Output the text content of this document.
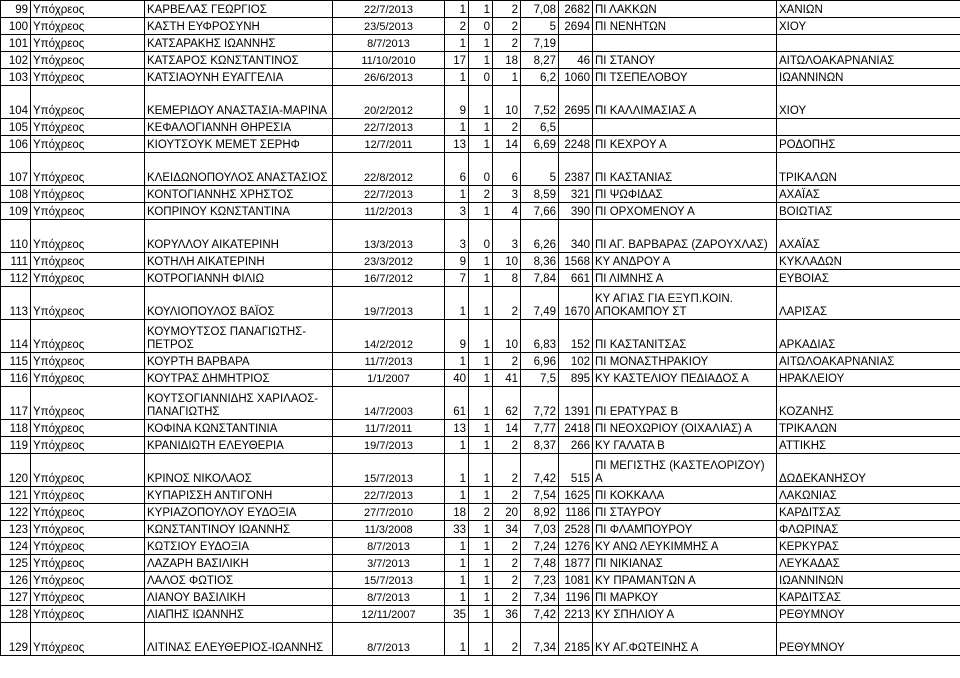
99	Υπόχρεος	ΚΑΡΒΕΛΑΣ ΓΕΩΡΓΙΟΣ	22/7/2013	1	1	2	7,08	2682	ΠΙ ΛΑΚΚΩΝ	ΧΑΝΙΩΝ
100	Υπόχρεος	ΚΑΣΤΗ ΕΥΦΡΟΣΥΝΗ	23/5/2013	2	0	2	5	2694	ΠΙ ΝΕΝΗΤΩΝ	ΧΙΟΥ
101	Υπόχρεος	ΚΑΤΣΑΡΑΚΗΣ ΙΩΑΝΝΗΣ	8/7/2013	1	1	2	7,19			
102	Υπόχρεος	ΚΑΤΣΑΡΟΣ ΚΩΝΣΤΑΝΤΙΝΟΣ	11/10/2010	17	1	18	8,27	46	ΠΙ ΣΤΑΝΟΥ	ΑΙΤΩΛΟΑΚΑΡΝΑΝΙΑΣ
103	Υπόχρεος	ΚΑΤΣΙΑΟΥΝΗ ΕΥΑΓΓΕΛΙΑ	26/6/2013	1	0	1	6,2	1060	ΠΙ ΤΣΕΠΕΛΟΒΟΥ	ΙΩΑΝΝΙΝΩΝ
104	Υπόχρεος	ΚΕΜΕΡΙΔΟΥ ΑΝΑΣΤΑΣΙΑ-ΜΑΡΙΝΑ	20/2/2012	9	1	10	7,52	2695	ΠΙ ΚΑΛΛΙΜΑΣΙΑΣ Α	ΧΙΟΥ
105	Υπόχρεος	ΚΕΦΑΛΟΓΙΑΝΝΗ ΘΗΡΕΣΙΑ	22/7/2013	1	1	2	6,5			
106	Υπόχρεος	ΚΙΟΥΤΣΟΥΚ ΜΕΜΕΤ ΣΕΡΗΦ	12/7/2011	13	1	14	6,69	2248	ΠΙ ΚΕΧΡΟΥ Α	ΡΟΔΟΠΗΣ
107	Υπόχρεος	ΚΛΕΙΔΩΝΟΠΟΥΛΟΣ ΑΝΑΣΤΑΣΙΟΣ	22/8/2012	6	0	6	5	2387	ΠΙ ΚΑΣΤΑΝΙΑΣ	ΤΡΙΚΑΛΩΝ
108	Υπόχρεος	ΚΟΝΤΟΓΙΑΝΝΗΣ ΧΡΗΣΤΟΣ	22/7/2013	1	2	3	8,59	321	ΠΙ ΨΩΦΙΔΑΣ	ΑΧΑΪΑΣ
109	Υπόχρεος	ΚΟΠΡΙΝΟΥ ΚΩΝΣΤΑΝΤΙΝΑ	11/2/2013	3	1	4	7,66	390	ΠΙ ΟΡΧΟΜΕΝΟΥ Α	ΒΟΙΩΤΙΑΣ
110	Υπόχρεος	ΚΟΡΥΛΛΟΥ ΑΙΚΑΤΕΡΙΝΗ	13/3/2013	3	0	3	6,26	340	ΠΙ ΑΓ. ΒΑΡΒΑΡΑΣ (ΖΑΡΟΥΧΛΑΣ)	ΑΧΑΪΑΣ
111	Υπόχρεος	ΚΟΤΗΛΗ ΑΙΚΑΤΕΡΙΝΗ	23/3/2012	9	1	10	8,36	1568	ΚΥ ΑΝΔΡΟΥ Α	ΚΥΚΛΑΔΩΝ
112	Υπόχρεος	ΚΟΤΡΟΓΙΑΝΝΗ ΦΙΛΙΩ	16/7/2012	7	1	8	7,84	661	ΠΙ ΛΙΜΝΗΣ Α	ΕΥΒΟΙΑΣ
113	Υπόχρεος	ΚΟΥΛΙΟΠΟΥΛΟΣ ΒΑΪΟΣ	19/7/2013	1	1	2	7,49	1670	ΚΥ ΑΓΙΑΣ ΓΙΑ ΕΞΥΠ.ΚΟΙΝ. ΑΠΟΚΑΜΠΟΥ ΣΤ	ΛΑΡΙΣΑΣ
114	Υπόχρεος	ΚΟΥΜΟΥΤΣΟΣ ΠΑΝΑΓΙΩΤΗΣ-ΠΕΤΡΟΣ	14/2/2012	9	1	10	6,83	152	ΠΙ ΚΑΣΤΑΝΙΤΣΑΣ	ΑΡΚΑΔΙΑΣ
115	Υπόχρεος	ΚΟΥΡΤΗ ΒΑΡΒΑΡΑ	11/7/2013	1	1	2	6,96	102	ΠΙ ΜΟΝΑΣΤΗΡΑΚΙΟΥ	ΑΙΤΩΛΟΑΚΑΡΝΑΝΙΑΣ
116	Υπόχρεος	ΚΟΥΤΡΑΣ ΔΗΜΗΤΡΙΟΣ	1/1/2007	40	1	41	7,5	895	ΚΥ ΚΑΣΤΕΛΙΟΥ ΠΕΔΙΑΔΟΣ Α	ΗΡΑΚΛΕΙΟΥ
117	Υπόχρεος	ΚΟΥΤΣΟΓΙΑΝΝΙΔΗΣ ΧΑΡΙΛΑΟΣ-ΠΑΝΑΓΙΩΤΗΣ	14/7/2003	61	1	62	7,72	1391	ΠΙ ΕΡΑΤΥΡΑΣ Β	ΚΟΖΑΝΗΣ
118	Υπόχρεος	ΚΟΦΙΝΑ ΚΩΝΣΤΑΝΤΙΝΙΑ	11/7/2011	13	1	14	7,77	2418	ΠΙ ΝΕΟΧΩΡΙΟΥ (ΟΙΧΑΛΙΑΣ) Α	ΤΡΙΚΑΛΩΝ
119	Υπόχρεος	ΚΡΑΝΙΔΙΩΤΗ ΕΛΕΥΘΕΡΙΑ	19/7/2013	1	1	2	8,37	266	ΚΥ ΓΑΛΑΤΑ Β	ΑΤΤΙΚΗΣ
120	Υπόχρεος	ΚΡΙΝΟΣ ΝΙΚΟΛΑΟΣ	15/7/2013	1	1	2	7,42	515	ΠΙ ΜΕΓΙΣΤΗΣ (ΚΑΣΤΕΛΟΡΙΖΟΥ) Α	ΔΩΔΕΚΑΝΗΣΟΥ
121	Υπόχρεος	ΚΥΠΑΡΙΣΣΗ ΑΝΤΙΓΟΝΗ	22/7/2013	1	1	2	7,54	1625	ΠΙ ΚΟΚΚΑΛΑ	ΛΑΚΩΝΙΑΣ
122	Υπόχρεος	ΚΥΡΙΑΖΟΠΟΥΛΟΥ ΕΥΔΟΞΙΑ	27/7/2010	18	2	20	8,92	1186	ΠΙ ΣΤΑΥΡΟΥ	ΚΑΡΔΙΤΣΑΣ
123	Υπόχρεος	ΚΩΝΣΤΑΝΤΙΝΟΥ ΙΩΑΝΝΗΣ	11/3/2008	33	1	34	7,03	2528	ΠΙ ΦΛΑΜΠΟΥΡΟΥ	ΦΛΩΡΙΝΑΣ
124	Υπόχρεος	ΚΩΤΣΙΟΥ ΕΥΔΟΞΙΑ	8/7/2013	1	1	2	7,24	1276	ΚΥ ΑΝΩ ΛΕΥΚΙΜΜΗΣ Α	ΚΕΡΚΥΡΑΣ
125	Υπόχρεος	ΛΑΖΑΡΗ ΒΑΣΙΛΙΚΗ	3/7/2013	1	1	2	7,48	1877	ΠΙ ΝΙΚΙΑΝΑΣ	ΛΕΥΚΑΔΑΣ
126	Υπόχρεος	ΛΑΛΟΣ ΦΩΤΙΟΣ	15/7/2013	1	1	2	7,23	1081	ΚΥ ΠΡΑΜΑΝΤΩΝ Α	ΙΩΑΝΝΙΝΩΝ
127	Υπόχρεος	ΛΙΑΝΟΥ ΒΑΣΙΛΙΚΗ	8/7/2013	1	1	2	7,34	1196	ΠΙ ΜΑΡΚΟΥ	ΚΑΡΔΙΤΣΑΣ
128	Υπόχρεος	ΛΙΑΠΗΣ ΙΩΑΝΝΗΣ	12/11/2007	35	1	36	7,42	2213	ΚΥ ΣΠΗΛΙΟΥ Α	ΡΕΘΥΜΝΟΥ
129	Υπόχρεος	ΛΙΤΙΝΑΣ ΕΛΕΥΘΕΡΙΟΣ-ΙΩΑΝΝΗΣ	8/7/2013	1	1	2	7,34	2185	ΚΥ ΑΓ.ΦΩΤΕΙΝΗΣ Α	ΡΕΘΥΜΝΟΥ
